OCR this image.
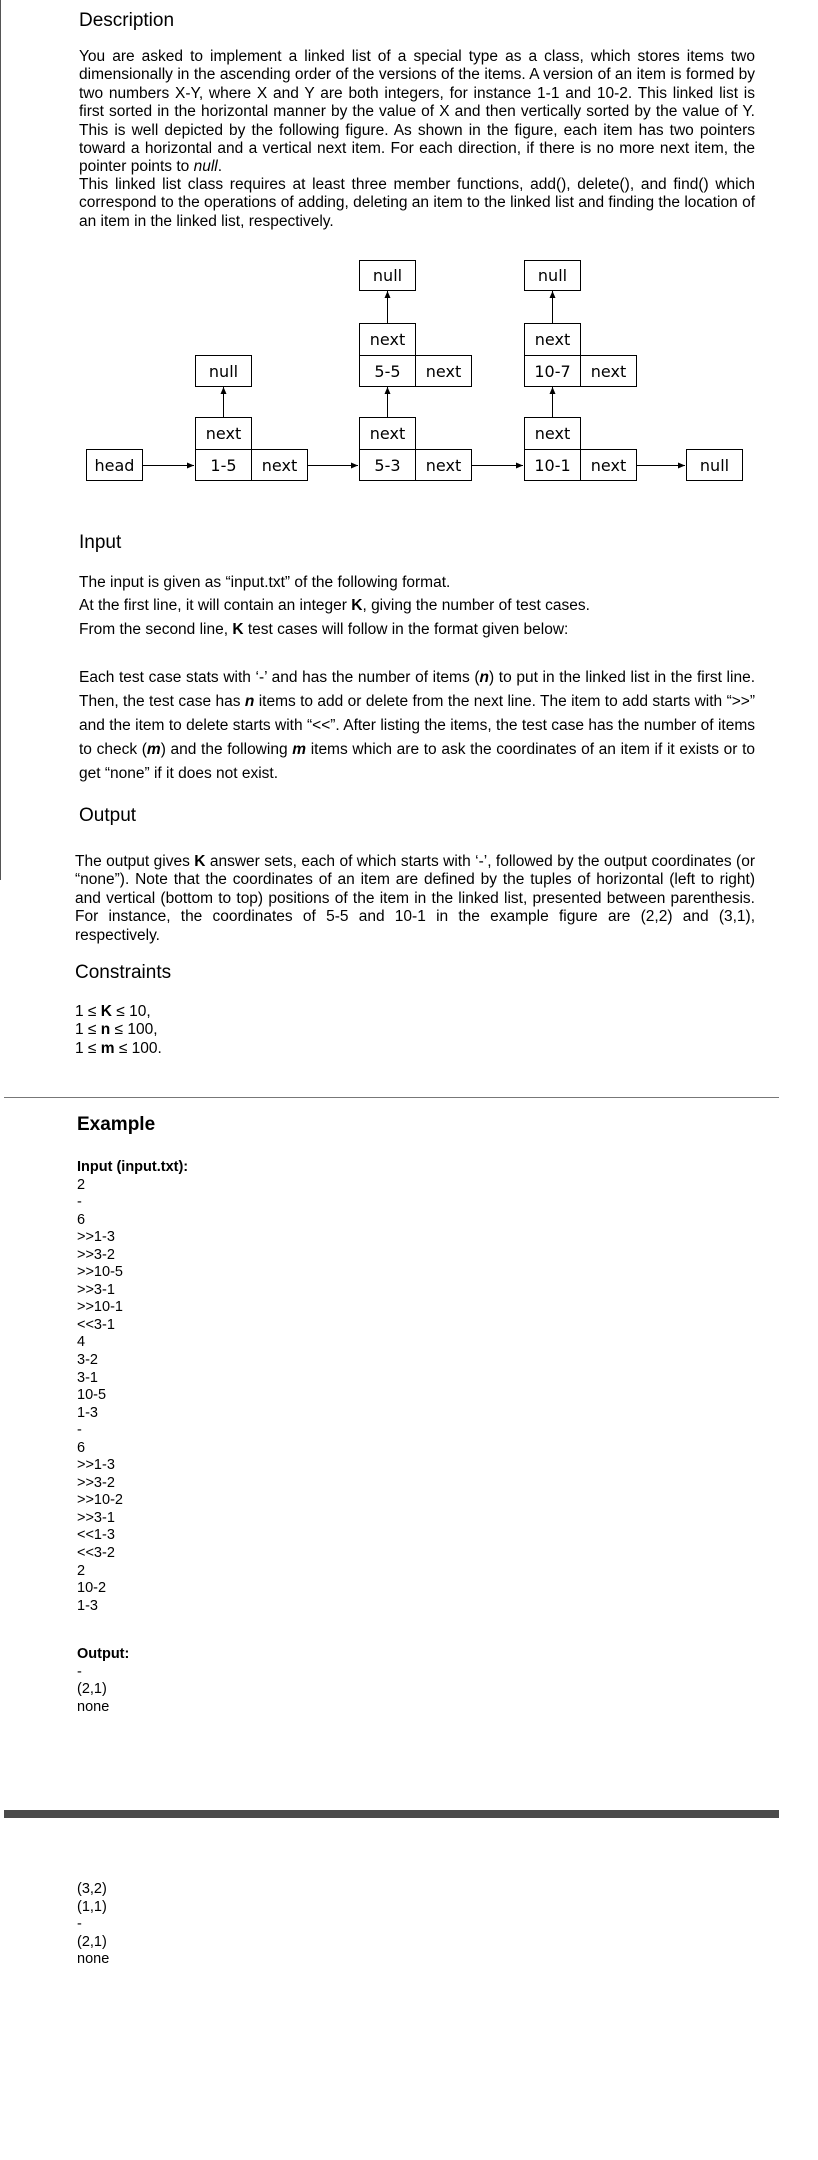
Description

You are asked to implement a linked list of a special type as a class, which stores items two dimensionally in the ascending order of the versions of the items. A version of an item is formed by two numbers X-Y, where X and Y are both integers, for instance 1-1 and 10-2. This linked list is first sorted in the horizontal manner by the value of X and then vertically sorted by the value of Y. This is well depicted by the following figure. As shown in the figure, each item has two pointers toward a horizontal and a vertical next item. For each direction, if there is no more next item, the pointer points to null.

This linked list class requires at least three member functions, add(), delete(), and find() which correspond to the operations of adding, deleting an item to the linked list and finding the location of an item in the linked list, respectively.

null	null
next	next
5-5 next	10-7 next
null
next	next	next
head	1-5 next	5-3 next	10-1 next	null
Input

The input is given as “input.txt” of the following format.
At the first line, it will contain an integer K, giving the number of test cases.
From the second line, K test cases will follow in the format given below:

Each test case stats with ‘-’ and has the number of items (n) to put in the linked list in the first line. Then, the test case has n items to add or delete from the next line. The item to add starts with “>>” and the item to delete starts with “<<”. After listing the items, the test case has the number of items to check (m) and the following m items which are to ask the coordinates of an item if it exists or to get “none” if it does not exist.

Output

The output gives K answer sets, each of which starts with ‘-’, followed by the output coordinates (or “none”). Note that the coordinates of an item are defined by the tuples of horizontal (left to right) and vertical (bottom to top) positions of the item in the linked list, presented between parenthesis. For instance, the coordinates of 5-5 and 10-1 in the example figure are (2,2) and (3,1), respectively.

Constraints
1 ≤ K ≤ 10,
1 ≤ n ≤ 100,
1 ≤ m ≤ 100.
Example
Input (input.txt):
2
-
6
>>1-3
>>3-2
>>10-5
>>3-1
>>10-1
<<3-1
4
3-2
3-1
10-5
1-3
-
6
>>1-3
>>3-2
>>10-2
>>3-1
<<1-3
<<3-2
2
10-2
1-3
Output:
-
(2,1)
none
(3,2)
(1,1)
-
(2,1)
none
